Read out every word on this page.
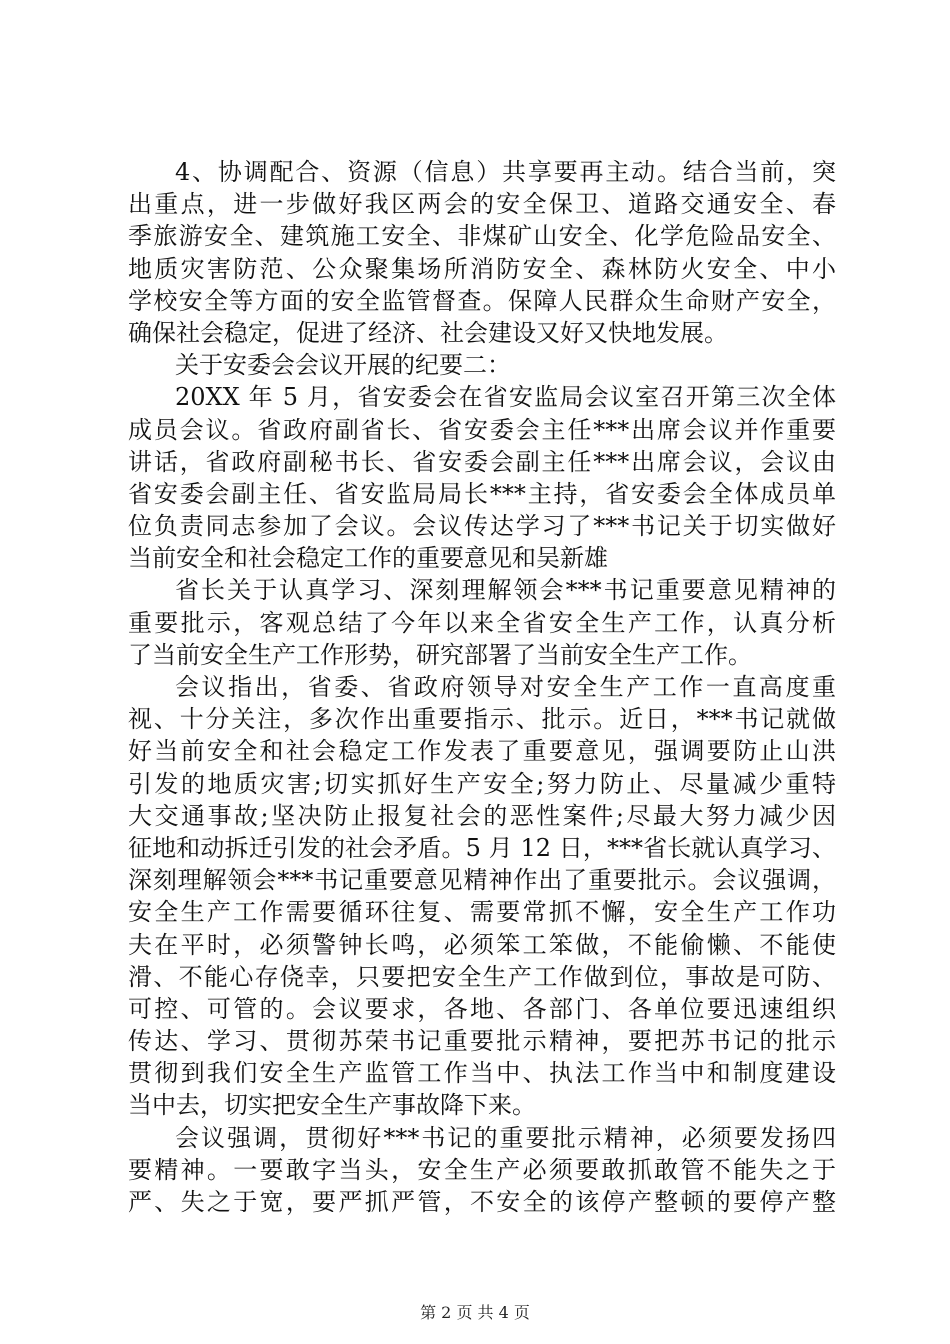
4、协调配合、资源（信息）共享要再主动。结合当前，突
出重点，进一步做好我区两会的安全保卫、道路交通安全、春
季旅游安全、建筑施工安全、非煤矿山安全、化学危险品安全、
地质灾害防范、公众聚集场所消防安全、森林防火安全、中小
学校安全等方面的安全监管督查。保障人民群众生命财产安全，
确保社会稳定，促进了经济、社会建设又好又快地发展。
关于安委会会议开展的纪要二：
20XX 年 5 月，省安委会在省安监局会议室召开第三次全体
成员会议。省政府副省长、省安委会主任***出席会议并作重要
讲话，省政府副秘书长、省安委会副主任***出席会议，会议由
省安委会副主任、省安监局局长***主持，省安委会全体成员单
位负责同志参加了会议。会议传达学习了***书记关于切实做好
当前安全和社会稳定工作的重要意见和吴新雄
省长关于认真学习、深刻理解领会***书记重要意见精神的
重要批示，客观总结了今年以来全省安全生产工作，认真分析
了当前安全生产工作形势，研究部署了当前安全生产工作。
会议指出，省委、省政府领导对安全生产工作一直高度重
视、十分关注，多次作出重要指示、批示。近日，***书记就做
好当前安全和社会稳定工作发表了重要意见，强调要防止山洪
引发的地质灾害;切实抓好生产安全;努力防止、尽量减少重特
大交通事故;坚决防止报复社会的恶性案件;尽最大努力减少因
征地和动拆迁引发的社会矛盾。5 月 12 日，***省长就认真学习、
深刻理解领会***书记重要意见精神作出了重要批示。会议强调，
安全生产工作需要循环往复、需要常抓不懈，安全生产工作功
夫在平时，必须警钟长鸣，必须笨工笨做，不能偷懒、不能使
滑、不能心存侥幸，只要把安全生产工作做到位，事故是可防、
可控、可管的。会议要求，各地、各部门、各单位要迅速组织
传达、学习、贯彻苏荣书记重要批示精神，要把苏书记的批示
贯彻到我们安全生产监管工作当中、执法工作当中和制度建设
当中去，切实把安全生产事故降下来。
会议强调，贯彻好***书记的重要批示精神，必须要发扬四
要精神。一要敢字当头，安全生产必须要敢抓敢管不能失之于
严、失之于宽，要严抓严管，不安全的该停产整顿的要停产整
第 2 页 共 4 页
